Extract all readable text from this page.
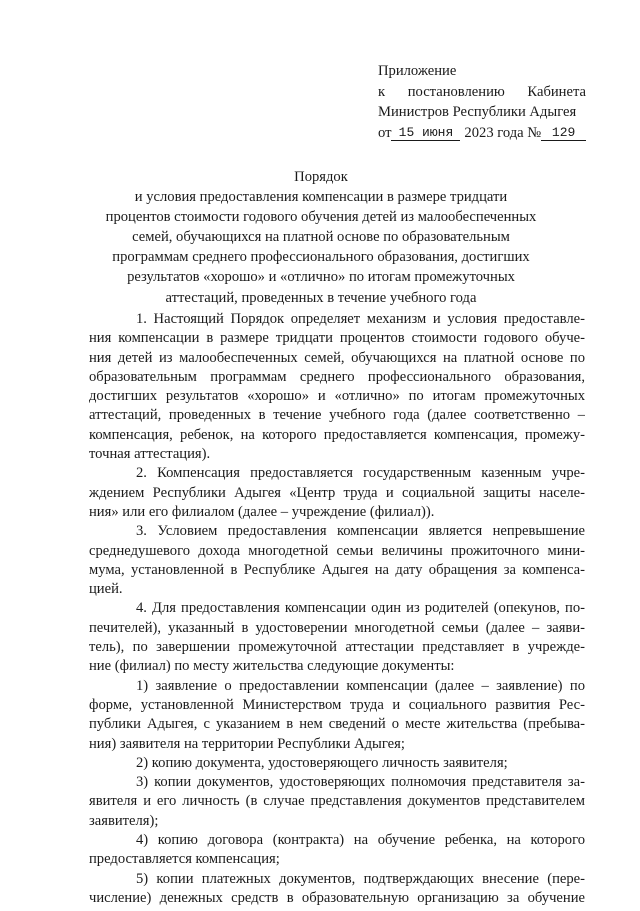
Приложение
к постановлению Кабинета
Министров Республики Адыгея
от 15 июня 2023 года № 129
Порядок
и условия предоставления компенсации в размере тридцати
процентов стоимости годового обучения детей из малообеспеченных
семей, обучающихся на платной основе по образовательным
программам среднего профессионального образования, достигших
результатов «хорошо» и «отлично» по итогам промежуточных
аттестаций, проведенных в течение учебного года
1. Настоящий Порядок определяет механизм и условия предоставле-
ния компенсации в размере тридцати процентов стоимости годового обуче-
ния детей из малообеспеченных семей, обучающихся на платной основе по
образовательным программам среднего профессионального образования,
достигших результатов «хорошо» и «отлично» по итогам промежуточных
аттестаций, проведенных в течение учебного года (далее соответственно –
компенсация, ребенок, на которого предоставляется компенсация, промежу-
точная аттестация).
2. Компенсация предоставляется государственным казенным учре-
ждением Республики Адыгея «Центр труда и социальной защиты населе-
ния» или его филиалом (далее – учреждение (филиал)).
3. Условием предоставления компенсации является непревышение
среднедушевого дохода многодетной семьи величины прожиточного мини-
мума, установленной в Республике Адыгея на дату обращения за компенса-
цией.
4. Для предоставления компенсации один из родителей (опекунов, по-
печителей), указанный в удостоверении многодетной семьи (далее – заяви-
тель), по завершении промежуточной аттестации представляет в учрежде-
ние (филиал) по месту жительства следующие документы:
1) заявление о предоставлении компенсации (далее – заявление) по
форме, установленной Министерством труда и социального развития Рес-
публики Адыгея, с указанием в нем сведений о месте жительства (пребыва-
ния) заявителя на территории Республики Адыгея;
2) копию документа, удостоверяющего личность заявителя;
3) копии документов, удостоверяющих полномочия представителя за-
явителя и его личность (в случае представления документов представителем
заявителя);
4) копию договора (контракта) на обучение ребенка, на которого
предоставляется компенсация;
5) копии платежных документов, подтверждающих внесение (пере-
числение) денежных средств в образовательную организацию за обучение
